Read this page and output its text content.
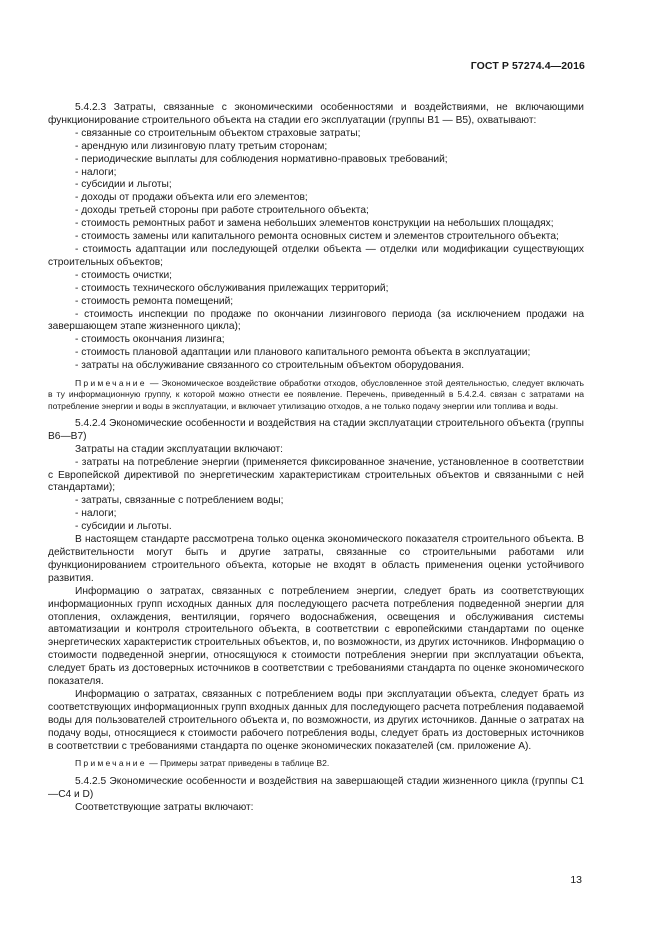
ГОСТ Р 57274.4—2016

5.4.2.3 Затраты, связанные с экономическими особенностями и воздействиями, не включающими функционирование строительного объекта на стадии его эксплуатации (группы B1 — B5), охватывают:

- связанные со строительным объектом страховые затраты;

- арендную или лизинговую плату третьим сторонам;

- периодические выплаты для соблюдения нормативно-правовых требований;

- налоги;

- субсидии и льготы;

- доходы от продажи объекта или его элементов;

- доходы третьей стороны при работе строительного объекта;

- стоимость ремонтных работ и замена небольших элементов конструкции на небольших площадях;

- стоимость замены или капитального ремонта основных систем и элементов строительного объекта;

- стоимость адаптации или последующей отделки объекта — отделки или модификации существующих строительных объектов;

- стоимость очистки;

- стоимость технического обслуживания прилежащих территорий;

- стоимость ремонта помещений;

- стоимость инспекции по продаже по окончании лизингового периода (за исключением продажи на завершающем этапе жизненного цикла);

- стоимость окончания лизинга;

- стоимость плановой адаптации или планового капитального ремонта объекта в эксплуатации;

- затраты на обслуживание связанного со строительным объектом оборудования.

Примечание — Экономическое воздействие обработки отходов, обусловленное этой деятельностью, следует включать в ту информационную группу, к которой можно отнести ее появление. Перечень, приведенный в 5.4.2.4. связан с затратами на потребление энергии и воды в эксплуатации, и включает утилизацию отходов, а не только подачу энергии или топлива и воды.

5.4.2.4 Экономические особенности и воздействия на стадии эксплуатации строительного объекта (группы B6—B7)

Затраты на стадии эксплуатации включают:

- затраты на потребление энергии (применяется фиксированное значение, установленное в соответствии с Европейской директивой по энергетическим характеристикам строительных объектов и связанными с ней стандартами);

- затраты, связанные с потреблением воды;

- налоги;

- субсидии и льготы.

В настоящем стандарте рассмотрена только оценка экономического показателя строительного объекта. В действительности могут быть и другие затраты, связанные со строительными работами или функционированием строительного объекта, которые не входят в область применения оценки устойчивого развития.

Информацию о затратах, связанных с потреблением энергии, следует брать из соответствующих информационных групп исходных данных для последующего расчета потребления подведенной энергии для отопления, охлаждения, вентиляции, горячего водоснабжения, освещения и обслуживания системы автоматизации и контроля строительного объекта, в соответствии с европейскими стандартами по оценке энергетических характеристик строительных объектов, и, по возможности, из других источников. Информацию о стоимости подведенной энергии, относящуюся к стоимости потребления энергии при эксплуатации объекта, следует брать из достоверных источников в соответствии с требованиями стандарта по оценке экономического показателя.

Информацию о затратах, связанных с потреблением воды при эксплуатации объекта, следует брать из соответствующих информационных групп входных данных для последующего расчета потребления подаваемой воды для пользователей строительного объекта и, по возможности, из других источников. Данные о затратах на подачу воды, относящиеся к стоимости рабочего потребления воды, следует брать из достоверных источников в соответствии с требованиями стандарта по оценке экономических показателей (см. приложение А).

Примечание — Примеры затрат приведены в таблице B2.

5.4.2.5 Экономические особенности и воздействия на завершающей стадии жизненного цикла (группы C1—C4 и D)

Соответствующие затраты включают:

13
